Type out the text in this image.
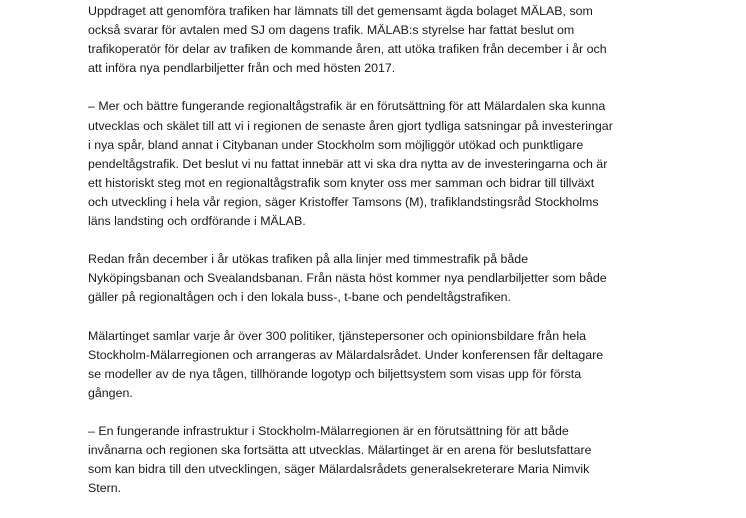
Uppdraget att genomföra trafiken har lämnats till det gemensamt ägda bolaget MÄLAB, som
också svarar för avtalen med SJ om dagens trafik. MÄLAB:s styrelse har fattat beslut om
trafikoperatör för delar av trafiken de kommande åren, att utöka trafiken från december i år och
att införa nya pendlarbiljetter från och med hösten 2017.

– Mer och bättre fungerande regionaltågstrafik är en förutsättning för att Mälardalen ska kunna
utvecklas och skälet till att vi i regionen de senaste åren gjort tydliga satsningar på investeringar
i nya spår, bland annat i Citybanan under Stockholm som möjliggör utökad och punktligare
pendeltågstrafik. Det beslut vi nu fattat innebär att vi ska dra nytta av de investeringarna och är
ett historiskt steg mot en regionaltågstrafik som knyter oss mer samman och bidrar till tillväxt
och utveckling i hela vår region, säger Kristoffer Tamsons (M), trafiklandstingsråd Stockholms
läns landsting och ordförande i MÄLAB.

Redan från december i år utökas trafiken på alla linjer med timmestrafik på både
Nyköpingsbanan och Svealandsbanan. Från nästa höst kommer nya pendlarbiljetter som både
gäller på regionaltågen och i den lokala buss-, t-bane och pendeltågstrafiken.

Mälartinget samlar varje år över 300 politiker, tjänstepersoner och opinionsbildare från hela
Stockholm-Mälarregionen och arrangeras av Mälardalsrådet. Under konferensen får deltagare
se modeller av de nya tågen, tillhörande logotyp och biljettsystem som visas upp för första
gången.

– En fungerande infrastruktur i Stockholm-Mälarregionen är en förutsättning för att både
invånarna och regionen ska fortsätta att utvecklas. Mälartinget är en arena för beslutsfattare
som kan bidra till den utvecklingen, säger Mälardalsrådets generalsekreterare Maria Nimvik
Stern.
